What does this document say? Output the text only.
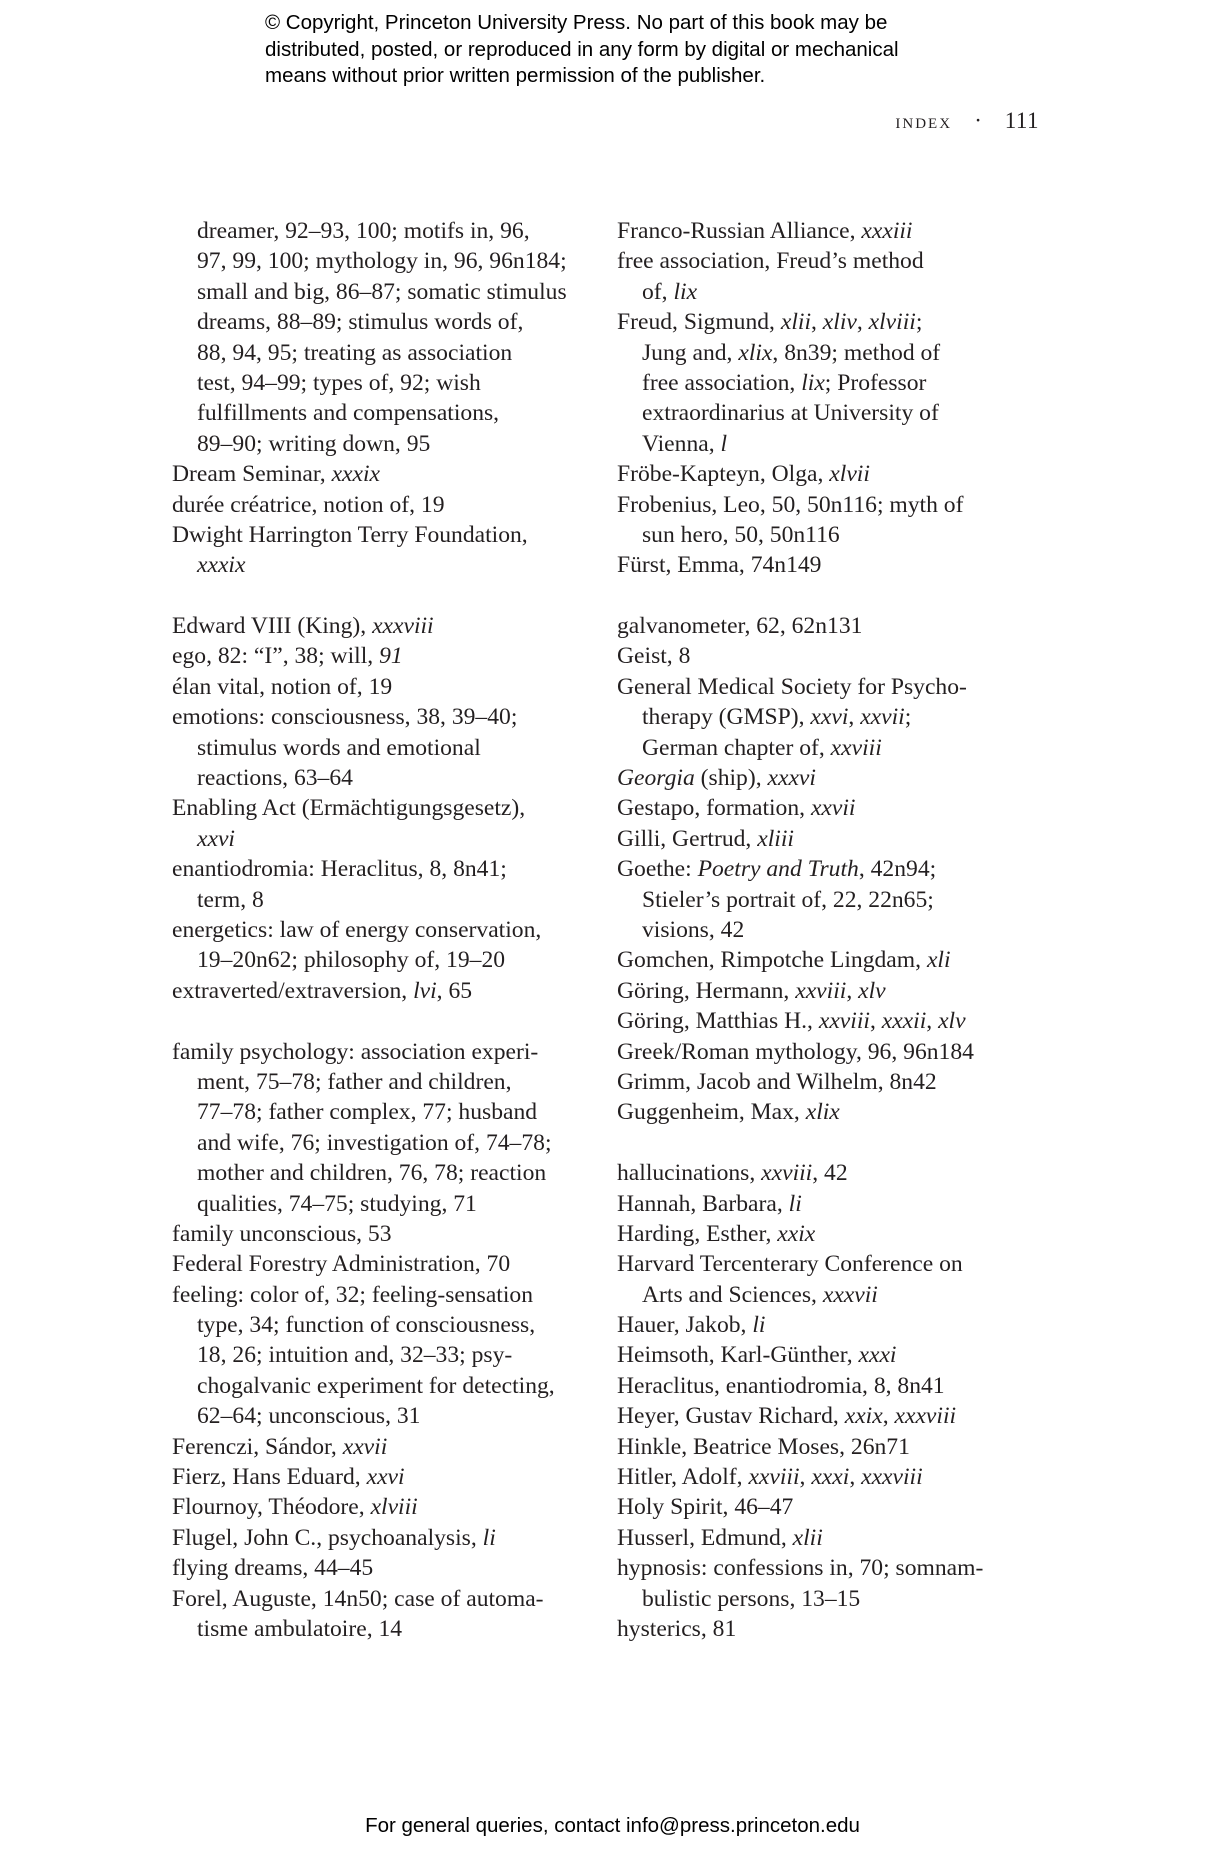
© Copyright, Princeton University Press. No part of this book may be
distributed, posted, or reproduced in any form by digital or mechanical
means without prior written permission of the publisher.
index · 111
dreamer, 92–93, 100; motifs in, 96,
97, 99, 100; mythology in, 96, 96n184;
small and big, 86–87; somatic stimulus
dreams, 88–89; stimulus words of,
88, 94, 95; treating as association
test, 94–99; types of, 92; wish
fulfillments and compensations,
89–90; writing down, 95
Dream Seminar, xxxix
durée créatrice, notion of, 19
Dwight Harrington Terry Foundation,
xxxix
Edward VIII (King), xxxviii
ego, 82: “I”, 38; will, 91
élan vital, notion of, 19
emotions: consciousness, 38, 39–40;
stimulus words and emotional
reactions, 63–64
Enabling Act (Ermächtigungsgesetz),
xxvi
enantiodromia: Heraclitus, 8, 8n41;
term, 8
energetics: law of energy conservation,
19–20n62; philosophy of, 19–20
extraverted/extraversion, lvi, 65
family psychology: association experi-
ment, 75–78; father and children,
77–78; father complex, 77; husband
and wife, 76; investigation of, 74–78;
mother and children, 76, 78; reaction
qualities, 74–75; studying, 71
family unconscious, 53
Federal Forestry Administration, 70
feeling: color of, 32; feeling-sensation
type, 34; function of consciousness,
18, 26; intuition and, 32–33; psy-
chogalvanic experiment for detecting,
62–64; unconscious, 31
Ferenczi, Sándor, xxvii
Fierz, Hans Eduard, xxvi
Flournoy, Théodore, xlviii
Flugel, John C., psychoanalysis, li
flying dreams, 44–45
Forel, Auguste, 14n50; case of automa-
tisme ambulatoire, 14
Franco-Russian Alliance, xxxiii
free association, Freud’s method
of, lix
Freud, Sigmund, xlii, xliv, xlviii;
Jung and, xlix, 8n39; method of
free association, lix; Professor
extraordinarius at University of
Vienna, l
Fröbe-Kapteyn, Olga, xlvii
Frobenius, Leo, 50, 50n116; myth of
sun hero, 50, 50n116
Fürst, Emma, 74n149
galvanometer, 62, 62n131
Geist, 8
General Medical Society for Psycho-
therapy (GMSP), xxvi, xxvii;
German chapter of, xxviii
Georgia (ship), xxxvi
Gestapo, formation, xxvii
Gilli, Gertrud, xliii
Goethe: Poetry and Truth, 42n94;
Stieler’s portrait of, 22, 22n65;
visions, 42
Gomchen, Rimpotche Lingdam, xli
Göring, Hermann, xxviii, xlv
Göring, Matthias H., xxviii, xxxii, xlv
Greek/Roman mythology, 96, 96n184
Grimm, Jacob and Wilhelm, 8n42
Guggenheim, Max, xlix
hallucinations, xxviii, 42
Hannah, Barbara, li
Harding, Esther, xxix
Harvard Tercenterary Conference on
Arts and Sciences, xxxvii
Hauer, Jakob, li
Heimsoth, Karl-Günther, xxxi
Heraclitus, enantiodromia, 8, 8n41
Heyer, Gustav Richard, xxix, xxxviii
Hinkle, Beatrice Moses, 26n71
Hitler, Adolf, xxviii, xxxi, xxxviii
Holy Spirit, 46–47
Husserl, Edmund, xlii
hypnosis: confessions in, 70; somnam-
bulistic persons, 13–15
hysterics, 81
For general queries, contact info@press.princeton.edu
